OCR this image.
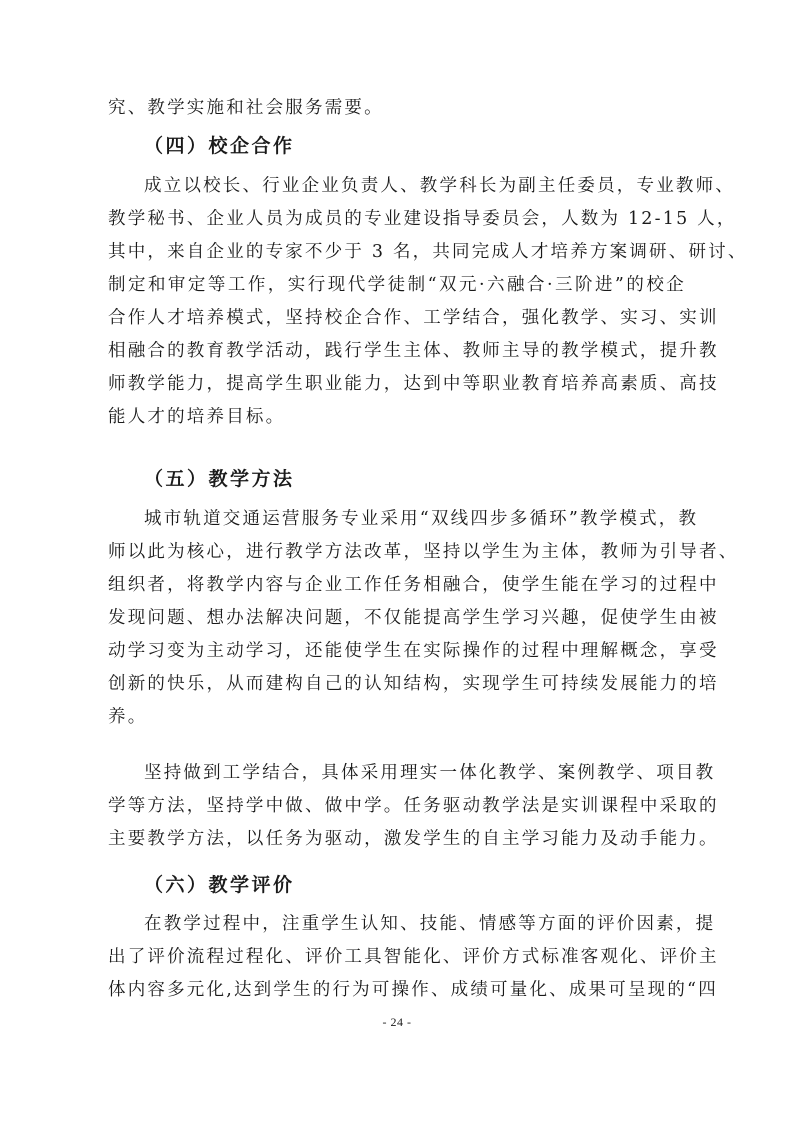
究、教学实施和社会服务需要。
（四）校企合作
成立以校长、行业企业负责人、教学科长为副主任委员，专业教师、
教学秘书、企业人员为成员的专业建设指导委员会，人数为 12-15 人，
其中，来自企业的专家不少于 3 名，共同完成人才培养方案调研、研讨、
制定和审定等工作，实行现代学徒制“双元·六融合·三阶进”的校企
合作人才培养模式，坚持校企合作、工学结合，强化教学、实习、实训
相融合的教育教学活动，践行学生主体、教师主导的教学模式，提升教
师教学能力，提高学生职业能力，达到中等职业教育培养高素质、高技
能人才的培养目标。
（五）教学方法
城市轨道交通运营服务专业采用“双线四步多循环”教学模式，教
师以此为核心，进行教学方法改革，坚持以学生为主体，教师为引导者、
组织者，将教学内容与企业工作任务相融合，使学生能在学习的过程中
发现问题、想办法解决问题，不仅能提高学生学习兴趣，促使学生由被
动学习变为主动学习，还能使学生在实际操作的过程中理解概念，享受
创新的快乐，从而建构自己的认知结构，实现学生可持续发展能力的培
养。
坚持做到工学结合，具体采用理实一体化教学、案例教学、项目教
学等方法，坚持学中做、做中学。任务驱动教学法是实训课程中采取的
主要教学方法，以任务为驱动，激发学生的自主学习能力及动手能力。
（六）教学评价
在教学过程中，注重学生认知、技能、情感等方面的评价因素，提
出了评价流程过程化、评价工具智能化、评价方式标准客观化、评价主
体内容多元化,达到学生的行为可操作、成绩可量化、成果可呈现的“四
- 24 -
